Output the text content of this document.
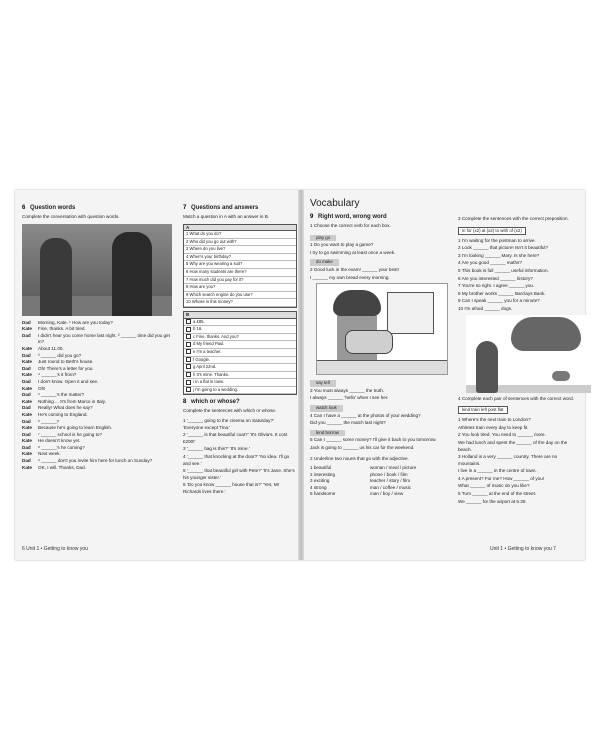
6 Question words
Complete the conversation with question words.
Dad	Morning, Kate. ¹ How are you today?
Kate	Fine, thanks. A bit tired.
Dad	I didn't hear you come home last night. ² ______ time did you get in?
Kate	About 11.00.
Dad	³ ______ did you go?
Kate	Just round to Beth's house.
Dad	Oh! There's a letter for you.
Kate	⁴ ______'s it from?
Dad	I don't know. Open it and see.
Kate	Oh!
Dad	⁵ ______'s the matter?
Kate	Nothing ... It's from Marco in Italy.
Dad	Really! What does he say?
Kate	He's coming to England.
Dad	⁶ ______?
Kate	Because he's going to learn English.
Dad	⁷ ______ school is he going to?
Kate	He doesn't know yet.
Dad	⁸ ______'s he coming?
Kate	Next week.
Dad	⁹ ______ don't you invite him here for lunch on Sunday?
Kate	OK, I will. Thanks, Dad.
7 Questions and answers
Match a question in A with an answer in B.
A
1 What do you do?
2 Who did you go out with?
3 Where do you live?
4 When's your birthday?
5 Why are you wearing a suit?
6 How many students are there?
7 How much did you pay for it?
8 How are you?
9 Which search engine do you use?
10 Whose is this money?
B
a £85.
b 16.
c Fine, thanks. And you?
d My friend Paul.
e I'm a teacher.
f Google.
g April 22nd.
h It's mine. Thanks.
i In a flat in town.
j I'm going to a wedding.
8 which or whose?
Complete the sentences with which or whose.
1 '______ going to the cinema on Saturday?' 'Everyone except Tina.'
2 '______ is that beautiful coat?' 'It's Olivia's. It cost £200!'
3 '______ bag is this?' 'It's mine.'
4 '______ that knocking at the door?' 'No idea. I'll go and see.'
5 '______ that beautiful girl with Pete?' 'It's Jane. She's his younger sister.'
6 'Do you know ______ house that is?' 'Yes, Mr Richards lives there.'
6 Unit 1 • Getting to know you
Vocabulary
9 Right word, wrong word
1 Choose the correct verb for each box.
play go
1 Do you want to play a game?
I try to go swimming at least once a week.
do make
2 Good luck in the exam! ______ your best!
I ______ my own bread every morning.
say tell
3 You must always ______ the truth.
I always ______ 'hello' when I see her.
watch look
4 Can I have a ______ at the photos of your wedding?
Did you ______ the match last night?
lend borrow
5 Can I ______ some money? I'll give it back to you tomorrow.
Jack is going to ______ us his car for the weekend.
2 Underline two nouns that go with the adjective.
1 beautiful	woman / meal / picture
2 interesting	phone / book / film
3 exciting	teacher / story / film
4 strong	man / coffee / music
5 handsome	man / boy / view
3 Complete the sentences with the correct preposition.
in for (x2) at (x2) to with of (x2)
1 I'm waiting for the postman to arrive.
2 Look ______ that picture! Isn't it beautiful?
3 I'm looking ______ Mary. Is she here?
4 Are you good ______ maths?
5 This book is full ______ useful information.
6 Are you interested ______ history?
7 You're so right. I agree ______ you.
8 My brother works ______ Barclays Bank.
9 Can I speak ______ you for a minute?
10 I'm afraid ______ dogs.
4 Complete each pair of sentences with the correct word.
kind train left post flat
1 Where's the next train to London?
Athletes train every day to keep fit.
2 You look tired. You need to ______ more.
We had lunch and spent the ______ of the day on the beach.
3 Holland is a very ______ country. There are no mountains.
I live in a ______ in the centre of town.
4 A present? For me? How ______ of you!
What ______ of music do you like?
5 Turn ______ at the end of the street.
We ______ for the airport at 6.30.
Unit 1 • Getting to know you 7
